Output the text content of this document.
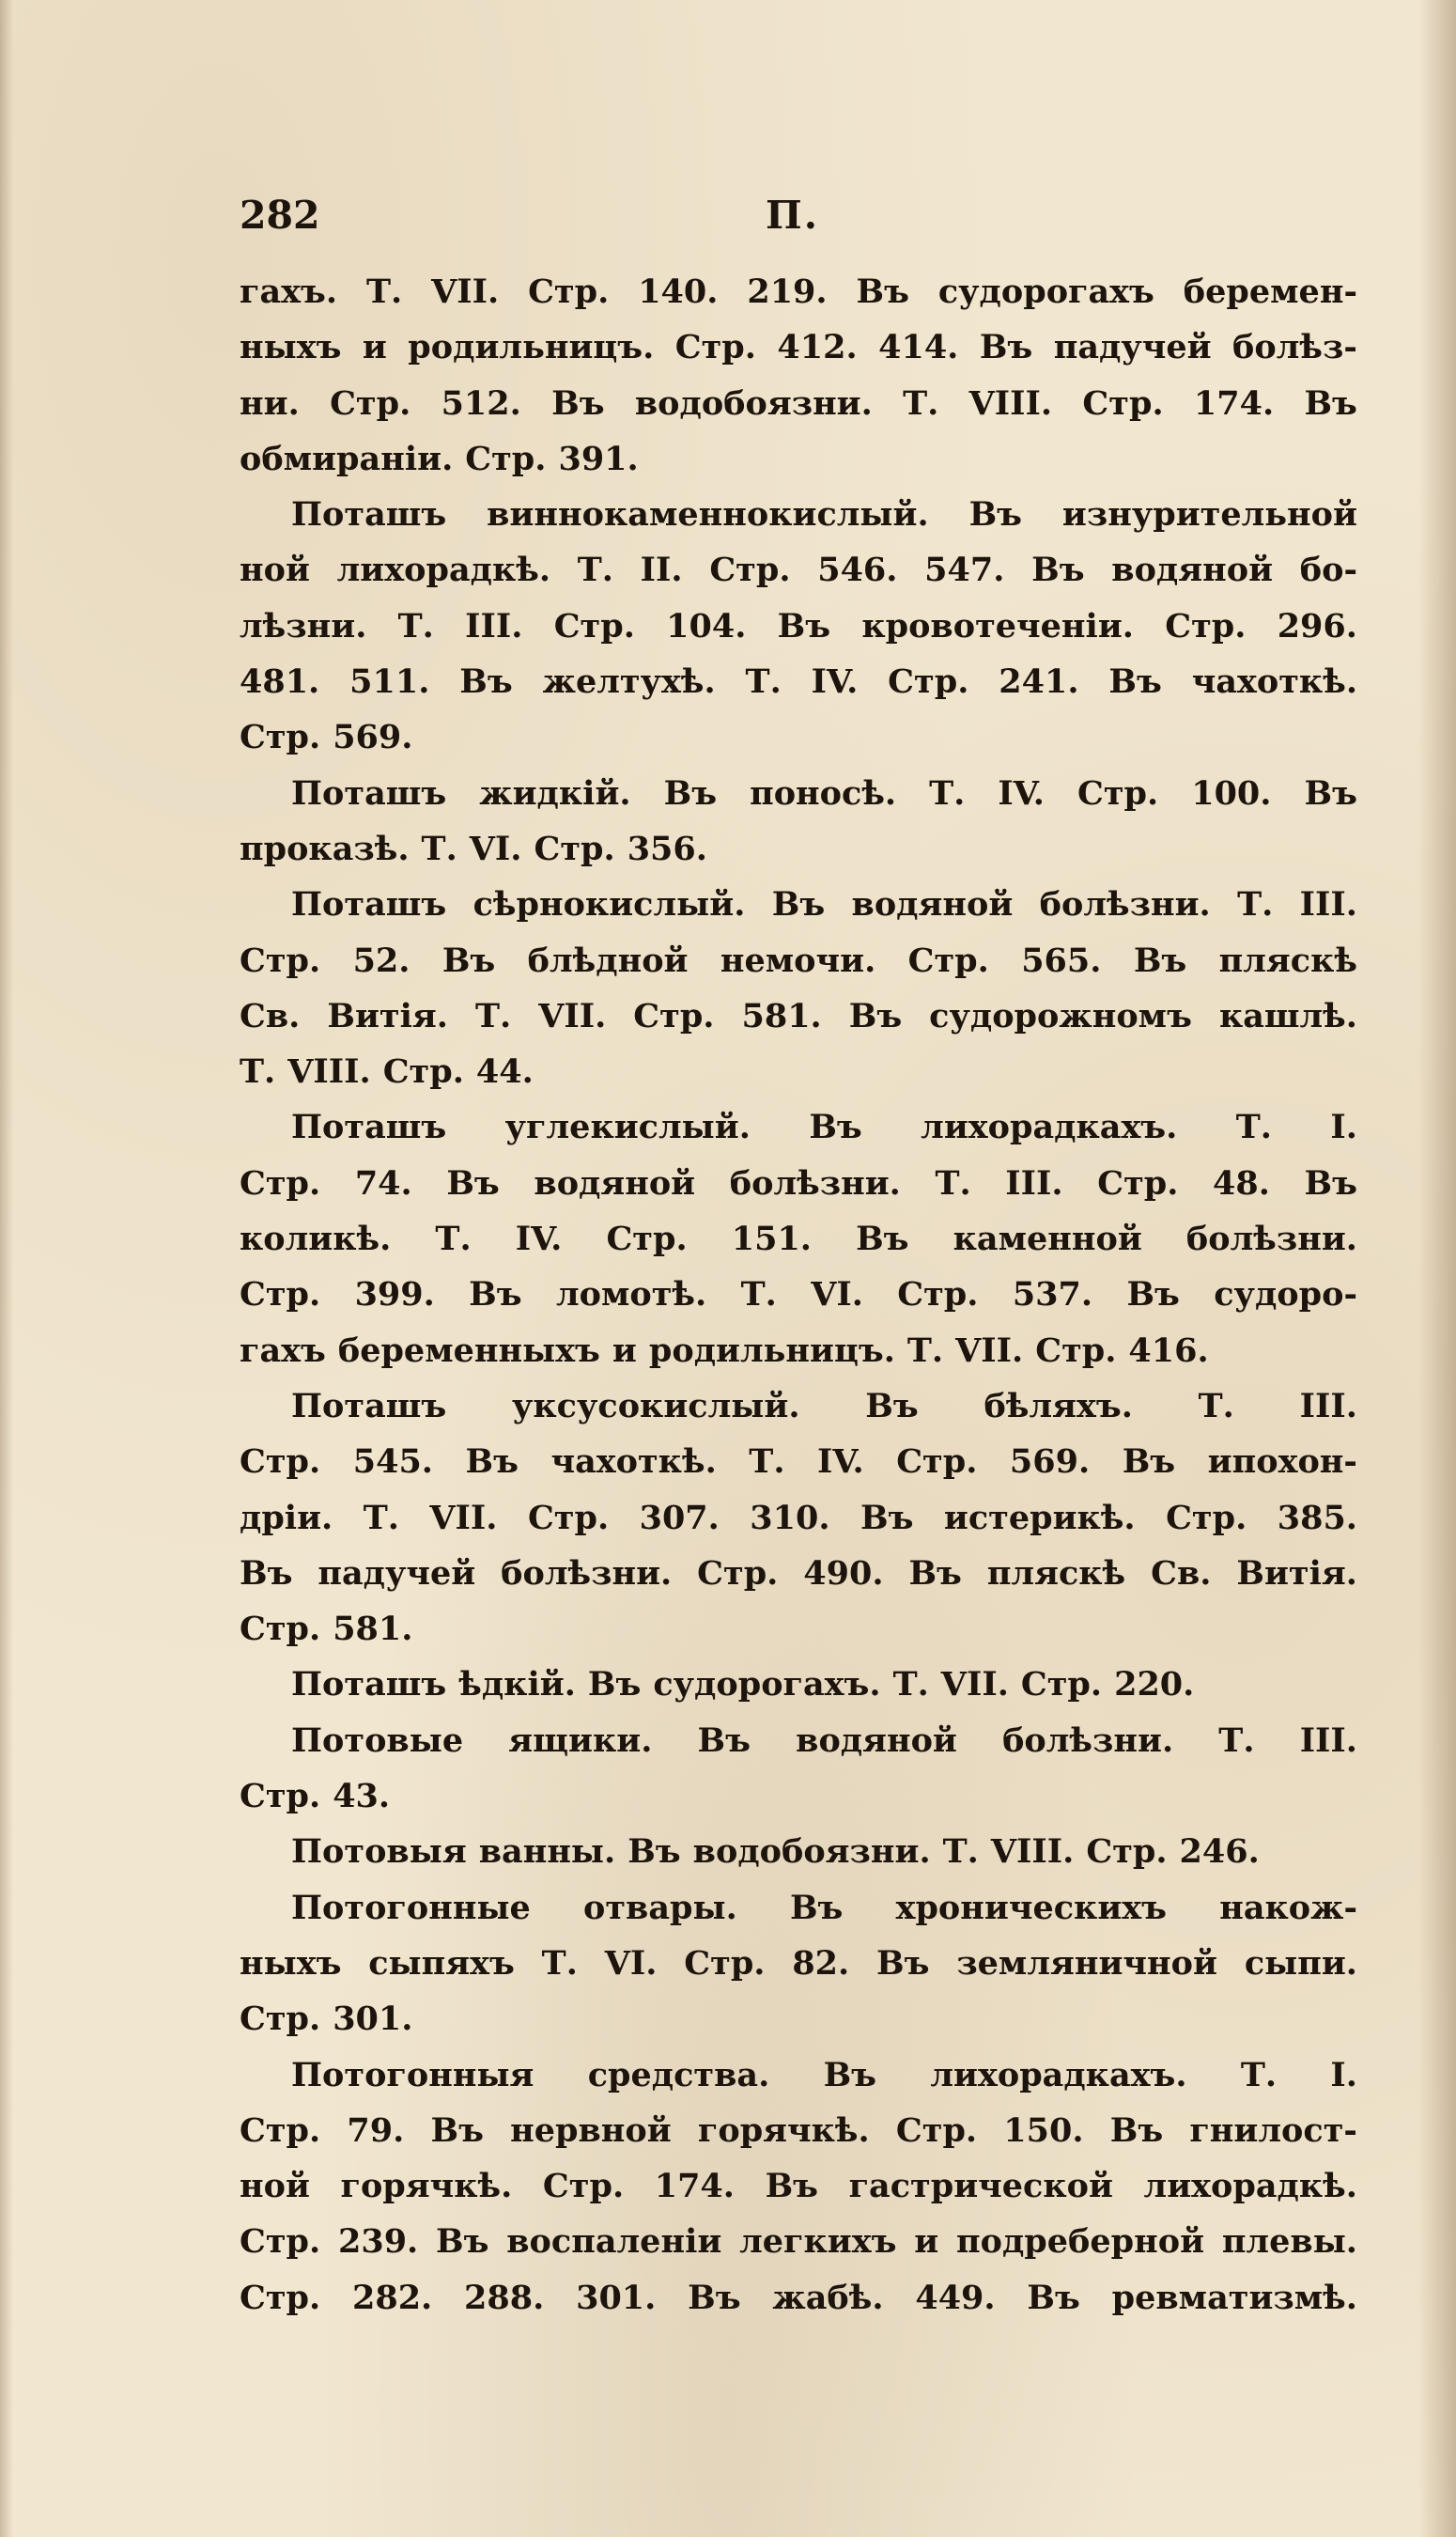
282	П.
гахъ. Т. VII. Стр. 140. 219. Въ судорогахъ беремен-
ныхъ и родильницъ. Стр. 412. 414. Въ падучей болѣз-
ни. Стр. 512. Въ водобоязни. Т. VIII. Стр. 174. Въ
обмираніи. Стр. 391.
Поташъ виннокаменнокислый. Въ изнурительной
ной лихорадкѣ. Т. II. Стр. 546. 547. Въ водяной бо-
лѣзни. Т. III. Стр. 104. Въ кровотеченіи. Стр. 296.
481. 511. Въ желтухѣ. Т. IV. Стр. 241. Въ чахоткѣ.
Стр. 569.
Поташъ жидкій. Въ поносѣ. Т. IV. Стр. 100. Въ
проказѣ. Т. VI. Стр. 356.
Поташъ сѣрнокислый. Въ водяной болѣзни. Т. III.
Стр. 52. Въ блѣдной немочи. Стр. 565. Въ пляскѣ
Св. Витія. Т. VII. Стр. 581. Въ судорожномъ кашлѣ.
Т. VIII. Стр. 44.
Поташъ углекислый. Въ лихорадкахъ. Т. I.
Стр. 74. Въ водяной болѣзни. Т. III. Стр. 48. Въ
коликѣ. Т. IV. Стр. 151. Въ каменной болѣзни.
Стр. 399. Въ ломотѣ. Т. VI. Стр. 537. Въ судоро-
гахъ беременныхъ и родильницъ. Т. VII. Стр. 416.
Поташъ уксусокислый. Въ бѣляхъ. Т. III.
Стр. 545. Въ чахоткѣ. Т. IV. Стр. 569. Въ ипохон-
дріи. Т. VII. Стр. 307. 310. Въ истерикѣ. Стр. 385.
Въ падучей болѣзни. Стр. 490. Въ пляскѣ Св. Витія.
Стр. 581.
Поташъ ѣдкій. Въ судорогахъ. Т. VII. Стр. 220.
Потовые ящики. Въ водяной болѣзни. Т. III.
Стр. 43.
Потовыя ванны. Въ водобоязни. Т. VIII. Стр. 246.
Потогонные отвары. Въ хроническихъ накож-
ныхъ сыпяхъ Т. VI. Стр. 82. Въ земляничной сыпи.
Стр. 301.
Потогонныя средства. Въ лихорадкахъ. Т. I.
Стр. 79. Въ нервной горячкѣ. Стр. 150. Въ гнилост-
ной горячкѣ. Стр. 174. Въ гастрической лихорадкѣ.
Стр. 239. Въ воспаленіи легкихъ и подреберной плевы.
Стр. 282. 288. 301. Въ жабѣ. 449. Въ ревматизмѣ.
